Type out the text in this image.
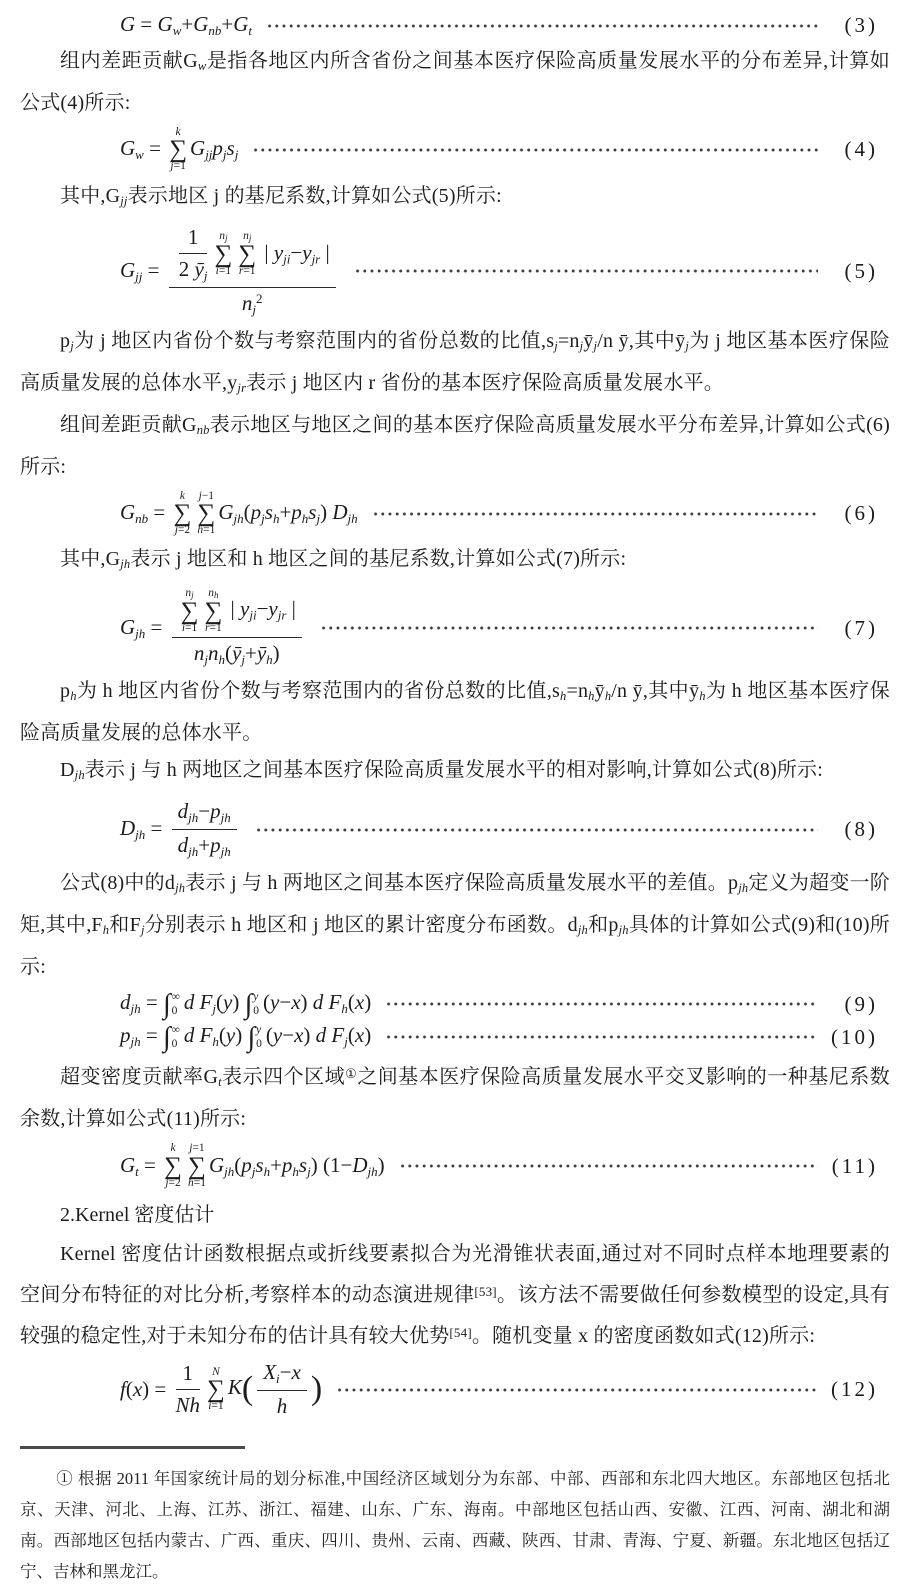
G = Gw+Gnb+Gt	(3)

组内差距贡献Gw是指各地区内所含省份之间基本医疗保险高质量发展水平的分布差异,计算如公式(4)所示:

Gw =
k
∑
j=1
Gjjpjsj	(4)

其中,Gjj表示地区 j 的基尼系数,计算如公式(5)所示:

Gjj = $\frac{1}{2 ȳj}$ nj
∑
i=1
nj
∑
r=1
| yji−yjr |
$nj^2$	(5)

pj为 j 地区内省份个数与考察范围内的省份总数的比值,sj=njȳj/n ȳ,其中ȳj为 j 地区基本医疗保险高质量发展的总体水平,yjr表示 j 地区内 r 省份的基本医疗保险高质量发展水平。

组间差距贡献Gnb表示地区与地区之间的基本医疗保险高质量发展水平分布差异,计算如公式(6)所示:

Gnb =
k
∑
j=2
j−1
∑
h=1
Gjh(pjsh+phsj) Djh	(6)

其中,Gjh表示 j 地区和 h 地区之间的基尼系数,计算如公式(7)所示:

Gjh = nj
∑
i=1
nh
∑
r=1
| yji−yjr |
njnh(ȳj+ȳh)	(7)

ph为 h 地区内省份个数与考察范围内的省份总数的比值,sh=nhȳh/n ȳ,其中ȳh为 h 地区基本医疗保险高质量发展的总体水平。

Djh表示 j 与 h 两地区之间基本医疗保险高质量发展水平的相对影响,计算如公式(8)所示:

Djh = $\frac{\text{djh−pjh}}{\text{djh+pjh}}$	(8)

公式(8)中的djh表示 j 与 h 两地区之间基本医疗保险高质量发展水平的差值。pjh定义为超变一阶矩,其中,Fh和Fj分别表示 h 地区和 j 地区的累计密度分布函数。djh和pjh具体的计算如公式(9)和(10)所示:

djh = ∫ ∞
0 d Fj(y) ∫ y
0 (y−x) d Fh(x)	(9)
pjh = ∫ ∞
0 d Fh(y) ∫ y
0 (y−x) d Fj(x)	(10)

超变密度贡献率Gt表示四个区域①之间基本医疗保险高质量发展水平交叉影响的一种基尼系数余数,计算如公式(11)所示:

Gt =
k
∑
j=2
j=1
∑
h=1
Gjh(pjsh+phsj) (1−Djh)	(11)

2.Kernel 密度估计

Kernel 密度估计函数根据点或折线要素拟合为光滑锥状表面,通过对不同时点样本地理要素的空间分布特征的对比分析,考察样本的动态演进规律[53]。该方法不需要做任何参数模型的设定,具有较强的稳定性,对于未知分布的估计具有较大优势[54]。随机变量 x 的密度函数如式(12)所示:

$f(x) = \frac{1}{Nh}$ N
∑
i=1
$K( \frac{Xi-x}{h}$ )	(12)

① 根据 2011 年国家统计局的划分标准,中国经济区域划分为东部、中部、西部和东北四大地区。东部地区包括北京、天津、河北、上海、江苏、浙江、福建、山东、广东、海南。中部地区包括山西、安徽、江西、河南、湖北和湖南。西部地区包括内蒙古、广西、重庆、四川、贵州、云南、西藏、陕西、甘肃、青海、宁夏、新疆。东北地区包括辽宁、吉林和黑龙江。
